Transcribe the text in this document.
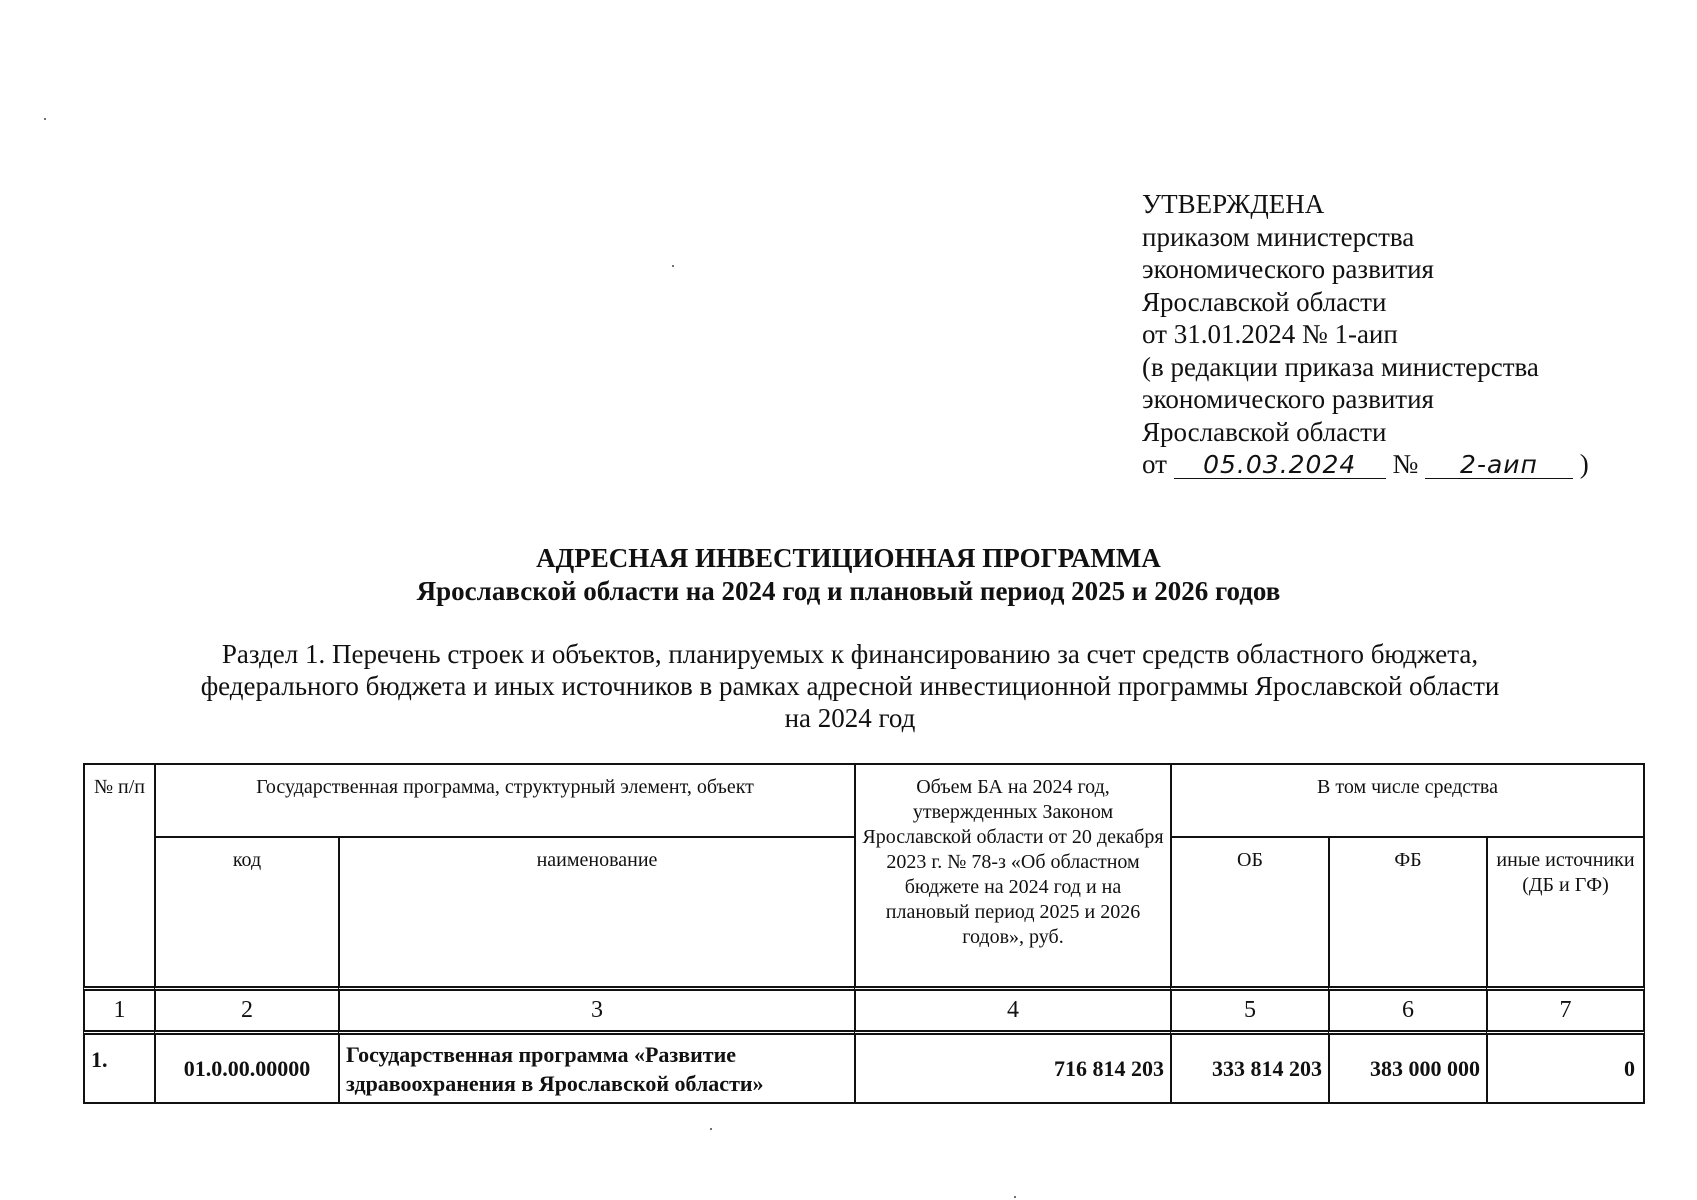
УТВЕРЖДЕНА
приказом министерства
экономического развития
Ярославской области
от 31.01.2024 № 1-аип
(в редакции приказа министерства
экономического развития
Ярославской области
от 05.03.2024 № 2-аип )
АДРЕСНАЯ ИНВЕСТИЦИОННАЯ ПРОГРАММА
Ярославской области на 2024 год и плановый период 2025 и 2026 годов
Раздел 1. Перечень строек и объектов, планируемых к финансированию за счет средств областного бюджета,
федерального бюджета и иных источников в рамках адресной инвестиционной программы Ярославской области
на 2024 год
№ п/п	Государственная программа, структурный элемент, объект		Объем БА на 2024 год, утвержденных Законом Ярославской области от 20 декабря 2023 г. № 78-з «Об областном бюджете на 2024 год и на плановый период 2025 и 2026 годов», руб.	В том числе средства		
	код	наименование		ОБ	ФБ	иные источники (ДБ и ГФ)
1	2	3	4	5	6	7
1.	01.0.00.00000	Государственная программа «Развитие здравоохранения в Ярославской области»	716 814 203	333 814 203	383 000 000	0
